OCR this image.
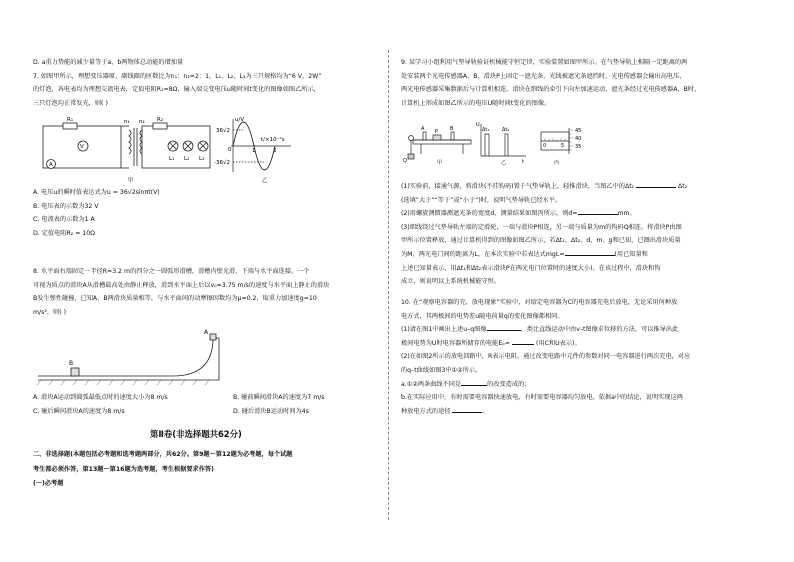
D. a重力势能的减少量等于a、b两物体总动能的增加量

7. 如图甲所示，理想变压器原、副线圈的匝数比为n₁：n₂=2：1，L₁、L₂、L₃为三只规格均为“6 V，2W”

的灯泡，各电表均为理想交流电表，定值电阻R₁=8Ω，输入端交变电压u随时间t变化的图像如图乙所示，

三只灯泡均正常发光，则( )

R₁
V
A
n₁ n₂ R₂
L₁ L₂ L₃
甲
u/V
36√2
-36√2
0	1	2
t/×10⁻²s
乙

A. 电压u的瞬时值表达式为u = 36√2sinπt(V)

B. 电压表的示数为32 V

C. 电流表的示数为1 A

D. 定值电阻R₂ = 10Ω

8. 水平面右端固定一半径R=3.2 m的四分之一圆弧形滑槽，滑槽内壁光滑、下端与水平面连接。一个

可视为质点的滑块A从滑槽最高处由静止释放，滑到水平面上后以v₀=3.75 m/s的速度与水平面上静止的滑块

B发生弹性碰撞，已知A、B两滑块质量相等，与水平面间的动摩擦因数均为μ=0.2，取重力加速度g=10

m/s²，则( )

B
A

A. 滑块A运动到圆弧最低点时的速度大小为8 m/s	B. 碰前瞬间滑块A的速度为7 m/s

C. 碰后瞬间滑块A的速度为8 m/s	D. 碰后滑块B运动时间为4s

第Ⅱ卷(非选择题共62分)

二、非选择题(本题包括必考题和选考题两部分，共62分。第9题～第12题为必考题，每个试题

考生都必须作答，第13题～第16题为选考题，考生根据要求作答)

(一)必考题

9. 某学习小组利用气垫导轨验证机械能守恒定律，实验装置如图甲所示。在气垫导轨上相隔一定距离的两

处安装两个光电传感器A、B，滑块P上固定一遮光条，光线被遮光条遮挡时，光电传感器会输出高电压，

两光电传感器采集数据后与计算机相连。滑块在细线的牵引下向左加速运动，遮光条经过光电传感器A、B时，

计算机上形成如图乙所示的电压U随时间t变化的图像。

A	B
P
Q	甲
U
t
Δt₁	Δt₂
乙
45
40
35
0	5
丙

(1)实验前，接通气源，将滑块(不挂钩码)置于气垫导轨上，轻推滑块，当图乙中的Δt₁	Δt₂

(选填“大于”“等于”或“小于”)时，说明气垫导轨已经水平。

(2)用螺旋测微器测遮光条的宽度d，测量结果如图丙所示，则d=	mm。

(3)细线绕过气垫导轨左端的定滑轮，一端与滑块P相连，另一端与质量为m的钩码Q相连。将滑块P由图

甲所示位置释放，通过计算机得到的图像如图乙所示，若Δt₁、Δt₂、d、m、g和已知，已测出滑块质量

为M，两光电门间的距离为L，在本次实验中若表达式mgL=	(用已知量和

上述已知量表示，用Δt₁和Δt₂表示滑块P在两光电门位置时的速度大小)。在该过程中，滑块和钩

成立，则说明以上系统机械能守恒。

10. 在“观察电容器的充、放电现象”实验中，对给定电容器为C的电容器充电后放电，无论采用何种放

电方式，其两极间的电势差u随电荷量q的变化图像都相同。

(1)请在图1中画出上述u–q图像	。类比直线运动中由v–t图像求位移的方法，可以推导出此

极间电势为U时电容器所储存的电能Eₚ=	(用C和U表示)。

(2)在如图2所示的放电回路中，R表示电阻。通过改变电路中元件的参数对同一电容器进行两次充电，对应

的q–t曲线如图3中①②所示。

a.①②两条曲线不同是	的改变造成的；

b.在实际应用中，有时需要电容器快速放电，有时需要电容器均匀放电。依据a中的结论，说明实现这两

种放电方式的途径	。
